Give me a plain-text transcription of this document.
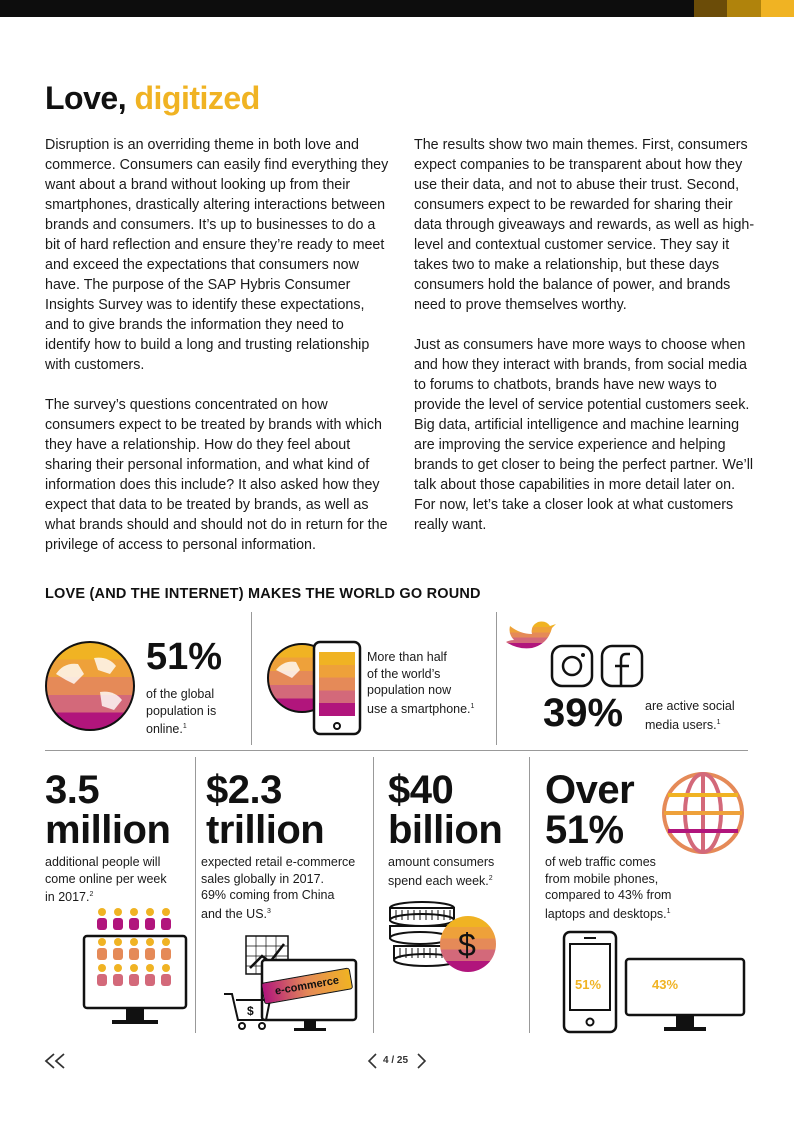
Love, digitized

Disruption is an overriding theme in both love and commerce. Consumers can easily find everything they want about a brand without looking up from their smartphones, drastically altering interactions between brands and consumers. It’s up to businesses to do a bit of hard reflection and ensure they’re ready to meet and exceed the expectations that consumers now have. The purpose of the SAP Hybris Consumer Insights Survey was to identify these expectations, and to give brands the information they need to identify how to build a long and trusting relationship with customers.

The survey’s questions concentrated on how consumers expect to be treated by brands with which they have a relationship. How do they feel about sharing their personal information, and what kind of information does this include? It also asked how they expect that data to be treated by brands, as well as what brands should and should not do in return for the privilege of access to personal information.

The results show two main themes. First, consumers expect companies to be transparent about how they use their data, and not to abuse their trust. Second, consumers expect to be rewarded for sharing their data through giveaways and rewards, as well as high-level and contextual customer service. They say it takes two to make a relationship, but these days consumers hold the balance of power, and brands need to prove themselves worthy.

Just as consumers have more ways to choose when and how they interact with brands, from social media to forums to chatbots, brands have new ways to provide the level of service potential customers seek. Big data, artificial intelligence and machine learning are improving the service experience and helping brands to get closer to being the perfect partner. We’ll talk about those capabilities in more detail later on. For now, let’s take a closer look at what customers really want.

LOVE (AND THE INTERNET) MAKES THE WORLD GO ROUND
51%
of the global
population is
online.$^1$
More than half
of the world’s
population now
use a smartphone.$^1$ 39% are active social
media users.$^1$
3.5
million
additional people will
come online per week
in 2017.$^2$
$2.3
trillion
expected retail e-commerce
sales globally in 2017.
69% coming from China
and the US.$^3$
$
e-commerce
$40
billion
amount consumers
spend each week.$^2$
$
Over
51%
of web traffic comes
from mobile phones,
compared to 43% from
laptops and desktops.$^1$
51%	43%
4 / 25
